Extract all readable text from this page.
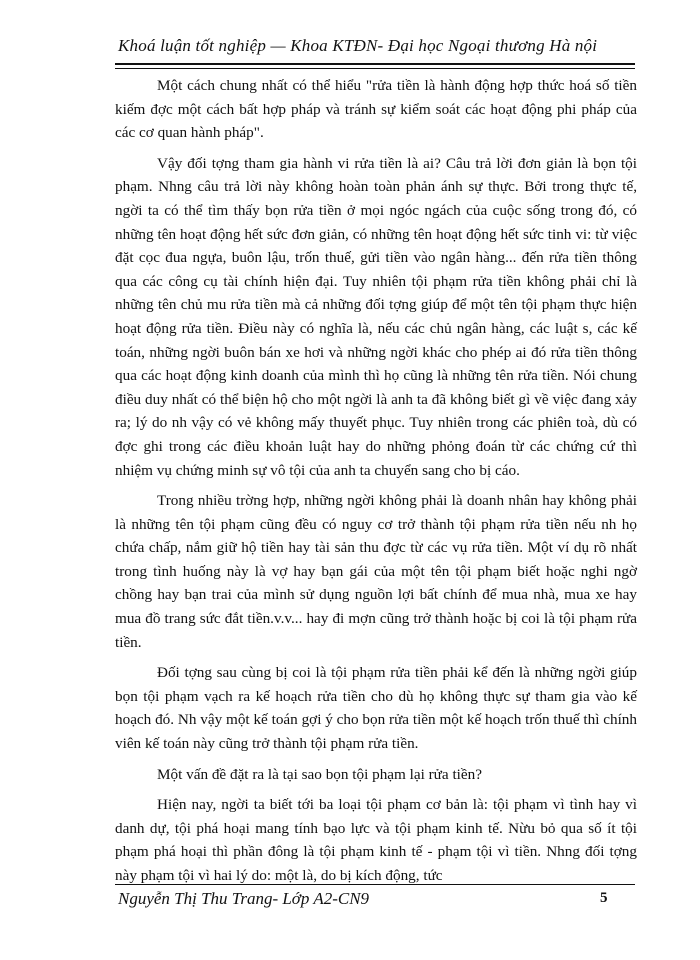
Khoá luận tốt nghiệp — Khoa KTĐN- Đại học Ngoại thương Hà nội

Một cách chung nhất có thể hiểu "rửa tiền là hành động hợp thức hoá số tiền kiếm đợc một cách bất hợp pháp và tránh sự kiểm soát các hoạt động phi pháp của các cơ quan hành pháp".

Vậy đối tợng tham gia hành vi rửa tiền là ai? Câu trả lời đơn giản là bọn tội phạm. Nhng câu trả lời này không hoàn toàn phản ánh sự thực. Bởi trong thực tế, ngời ta có thể tìm thấy bọn rửa tiền ở mọi ngóc ngách của cuộc sống trong đó, có những tên hoạt động hết sức đơn giản, có những tên hoạt động hết sức tinh vi: từ việc đặt cọc đua ngựa, buôn lậu, trốn thuế, gửi tiền vào ngân hàng... đến rửa tiền thông qua các công cụ tài chính hiện đại. Tuy nhiên tội phạm rửa tiền không phải chỉ là những tên chủ mu rửa tiền mà cả những đối tợng giúp để một tên tội phạm thực hiện hoạt động rửa tiền. Điều này có nghĩa là, nếu các chủ ngân hàng, các luật s, các kế toán, những ngời buôn bán xe hơi và những ngời khác cho phép ai đó rửa tiền thông qua các hoạt động kinh doanh của mình thì họ cũng là những tên rửa tiền. Nói chung điều duy nhất có thể biện hộ cho một ngời là anh ta đã không biết gì về việc đang xảy ra; lý do nh vậy có vẻ không mấy thuyết phục. Tuy nhiên trong các phiên toà, dù có đợc ghi trong các điều khoản luật hay do những phỏng đoán từ các chứng cứ thì nhiệm vụ chứng minh sự vô tội của anh ta chuyển sang cho bị cáo.

Trong nhiều trờng hợp, những ngời không phải là doanh nhân hay không phải là những tên tội phạm cũng đều có nguy cơ trở thành tội phạm rửa tiền nếu nh họ chứa chấp, nắm giữ hộ tiền hay tài sản thu đợc từ các vụ rửa tiền. Một ví dụ rõ nhất trong tình huống này là vợ hay bạn gái của một tên tội phạm biết hoặc nghi ngờ chồng hay bạn trai của mình sử dụng nguồn lợi bất chính để mua nhà, mua xe hay mua đồ trang sức đắt tiền.v.v... hay đi mợn cũng trở thành hoặc bị coi là tội phạm rửa tiền.

Đối tợng sau cùng bị coi là tội phạm rửa tiền phải kể đến là những ngời giúp bọn tội phạm vạch ra kế hoạch rửa tiền cho dù họ không thực sự tham gia vào kế hoạch đó. Nh vậy một kế toán gợi ý cho bọn rửa tiền một kế hoạch trốn thuế thì chính viên kế toán này cũng trở thành tội phạm rửa tiền.

Một vấn đề đặt ra là tại sao bọn tội phạm lại rửa tiền?

Hiện nay, ngời ta biết tới ba loại tội phạm cơ bản là: tội phạm vì tình hay vì danh dự, tội phá hoại mang tính bạo lực và tội phạm kinh tế. Nừu bỏ qua số ít tội phạm phá hoại thì phần đông là tội phạm kinh tế - phạm tội vì tiền. Nhng đối tợng này phạm tội vì hai lý do: một là, do bị kích động, tức

Nguyễn Thị Thu Trang- Lớp A2-CN9	5
